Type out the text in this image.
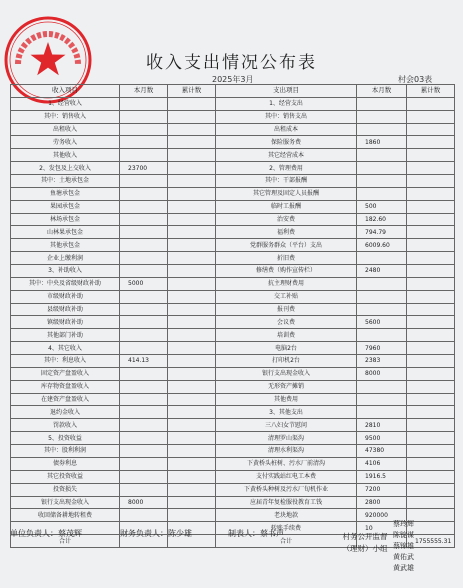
收入支出情况公布表
2025年3月	村会03表
收入项目	本月数	累计数	支出项目	本月数	累计数
1、经营收入			1、经营支出		
其中：销售收入			其中：销售支出		
出租收入			出租成本		
劳务收入			保险服务费	1860	
其他收入			其它经营成本		
2、发包及上交收入	23700		2、管理费用		
其中：土地承包金			其中：干部报酬		
鱼塘承包金			其它管理及固定人员报酬		
果园承包金			临时工报酬	500	
林场承包金			治安费	182.60	
山林果承包金			福利费	794.79	
其他承包金			党群服务群众（平台）支出	6009.60	
企业上缴利润			折旧费		
3、补助收入			修缮费（购作宣传栏）	2480	
其中：中央及省级财政补助	5000		抗主理财费用		
市级财政补助			交工补贴		
县级财政补助			报刊费		
镇级财政补助			会议费	5600	
其他部门补助			培训费		
4、其它收入			电脑2台	7960	
其中：利息收入	414.13		打印机2台	2383	
固定资产盘盈收入			银行支出现金收入	8000	
库存物资盘盈收入			无形资产摊销		
在建资产盘盈收入			其他费用		
退约金收入			3、其他支出		
罚款收入			三八妇女节慰问	2810	
5、投资收益			清理罗山渠沟	9500	
其中：股利利润			清理水利渠沟	47380	
债券利息			下黄桥头桩树、污水厂前清沟	4106	
其它投资收益			支付实践站红电工本费	1916.5	
投资损失			下黄桥头种树及污水厂旬机作业	7200	
银行支出现金收入	8000		应届青年复检服役教育工钱	2800	
收回储备耕地转租费			老块地款	920000	
			转账手续费	10	
合计			合计		1755555.31
单位负责人：蔡茂辉	财务负责人：陈少雄	制表人：蔡书声	村务公开监督（理财）小组
蔡玲辉
陈锭谋
蔡锦雄
黄佑武
黄武雄
